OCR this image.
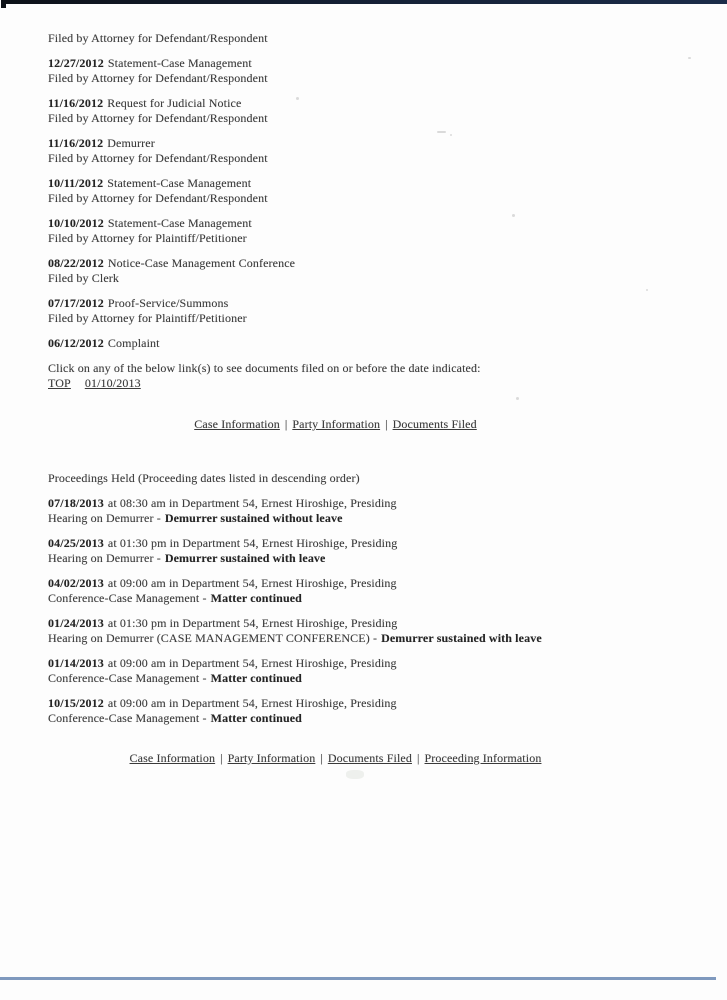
Filed by Attorney for Defendant/Respondent
12/27/2012 Statement-Case Management
Filed by Attorney for Defendant/Respondent
11/16/2012 Request for Judicial Notice
Filed by Attorney for Defendant/Respondent
11/16/2012 Demurrer
Filed by Attorney for Defendant/Respondent
10/11/2012 Statement-Case Management
Filed by Attorney for Defendant/Respondent
10/10/2012 Statement-Case Management
Filed by Attorney for Plaintiff/Petitioner
08/22/2012 Notice-Case Management Conference
Filed by Clerk
07/17/2012 Proof-Service/Summons
Filed by Attorney for Plaintiff/Petitioner
06/12/2012 Complaint
Click on any of the below link(s) to see documents filed on or before the date indicated:
TOP 01/10/2013
Case Information | Party Information | Documents Filed
Proceedings Held (Proceeding dates listed in descending order)
07/18/2013 at 08:30 am in Department 54, Ernest Hiroshige, Presiding
Hearing on Demurrer - Demurrer sustained without leave
04/25/2013 at 01:30 pm in Department 54, Ernest Hiroshige, Presiding
Hearing on Demurrer - Demurrer sustained with leave
04/02/2013 at 09:00 am in Department 54, Ernest Hiroshige, Presiding
Conference-Case Management - Matter continued
01/24/2013 at 01:30 pm in Department 54, Ernest Hiroshige, Presiding
Hearing on Demurrer (CASE MANAGEMENT CONFERENCE) - Demurrer sustained with leave
01/14/2013 at 09:00 am in Department 54, Ernest Hiroshige, Presiding
Conference-Case Management - Matter continued
10/15/2012 at 09:00 am in Department 54, Ernest Hiroshige, Presiding
Conference-Case Management - Matter continued
Case Information | Party Information | Documents Filed | Proceeding Information
